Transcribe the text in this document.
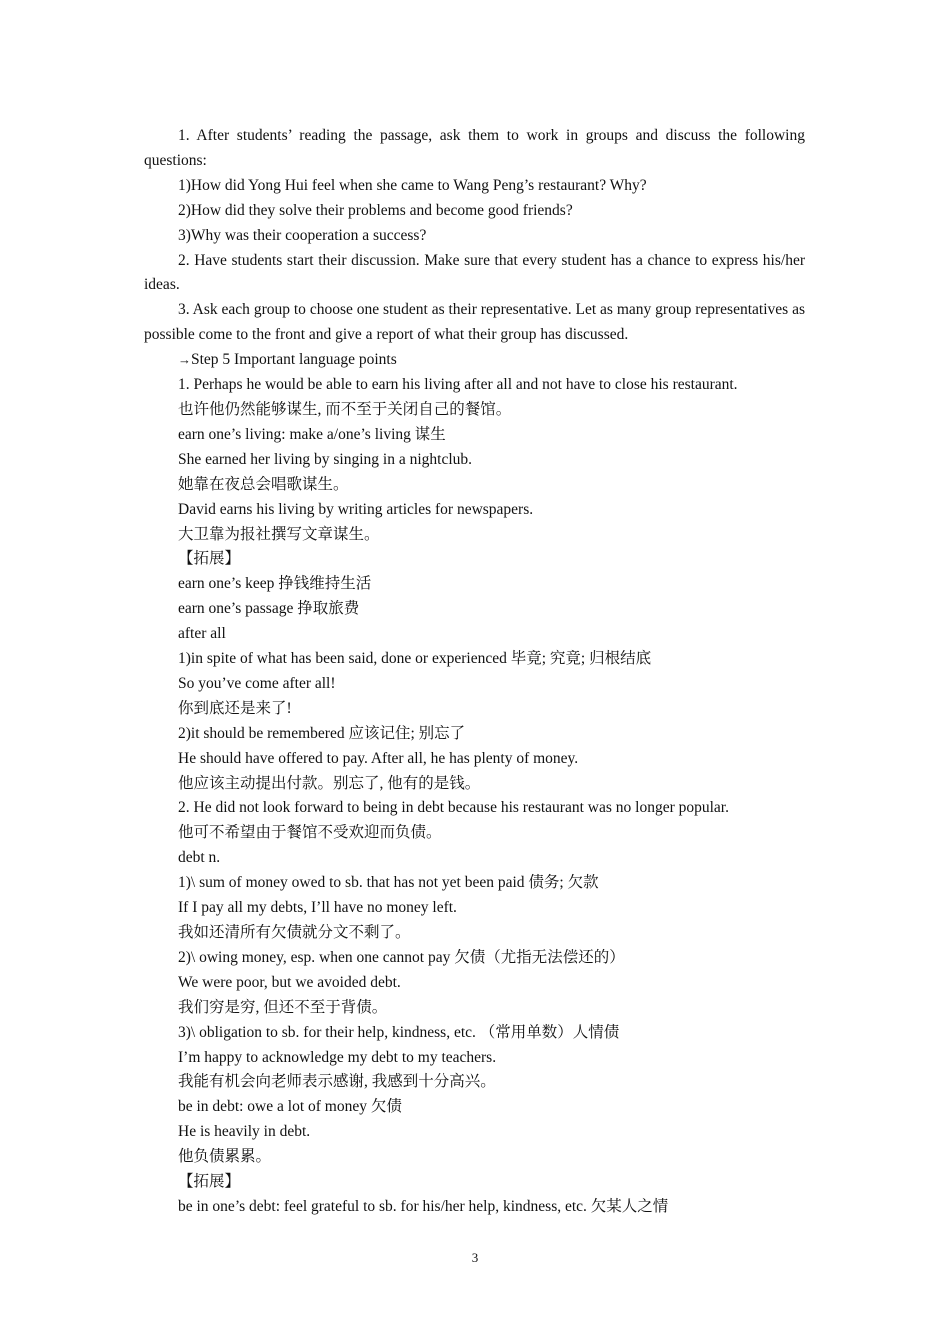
1. After students’ reading the passage, ask them to work in groups and discuss the following questions:

1)How did Yong Hui feel when she came to Wang Peng’s restaurant? Why?

2)How did they solve their problems and become good friends?

3)Why was their cooperation a success?

2. Have students start their discussion. Make sure that every student has a chance to express his/her ideas.

3. Ask each group to choose one student as their representative. Let as many group representatives as possible come to the front and give a report of what their group has discussed.

→Step 5 Important language points

1. Perhaps he would be able to earn his living after all and not have to close his restaurant.

也许他仍然能够谋生, 而不至于关闭自己的餐馆。

earn one’s living: make a/one’s living 谋生

She earned her living by singing in a nightclub.

她靠在夜总会唱歌谋生。

David earns his living by writing articles for newspapers.

大卫靠为报社撰写文章谋生。

【拓展】

earn one’s keep 挣钱维持生活

earn one’s passage 挣取旅费

after all

1)in spite of what has been said, done or experienced 毕竟; 究竟; 归根结底

So you’ve come after all!

你到底还是来了!

2)it should be remembered 应该记住; 别忘了

He should have offered to pay. After all, he has plenty of money.

他应该主动提出付款。别忘了, 他有的是钱。

2. He did not look forward to being in debt because his restaurant was no longer popular.

他可不希望由于餐馆不受欢迎而负债。

debt n.

1)\ sum of money owed to sb. that has not yet been paid 债务; 欠款

If I pay all my debts, I’ll have no money left.

我如还清所有欠债就分文不剩了。

2)\ owing money, esp. when one cannot pay 欠债（尤指无法偿还的）

We were poor, but we avoided debt.

我们穷是穷, 但还不至于背债。

3)\ obligation to sb. for their help, kindness, etc. （常用单数）人情债

I’m happy to acknowledge my debt to my teachers.

我能有机会向老师表示感谢, 我感到十分高兴。

be in debt: owe a lot of money 欠债

He is heavily in debt.

他负债累累。

【拓展】

be in one’s debt: feel grateful to sb. for his/her help, kindness, etc. 欠某人之情

3
